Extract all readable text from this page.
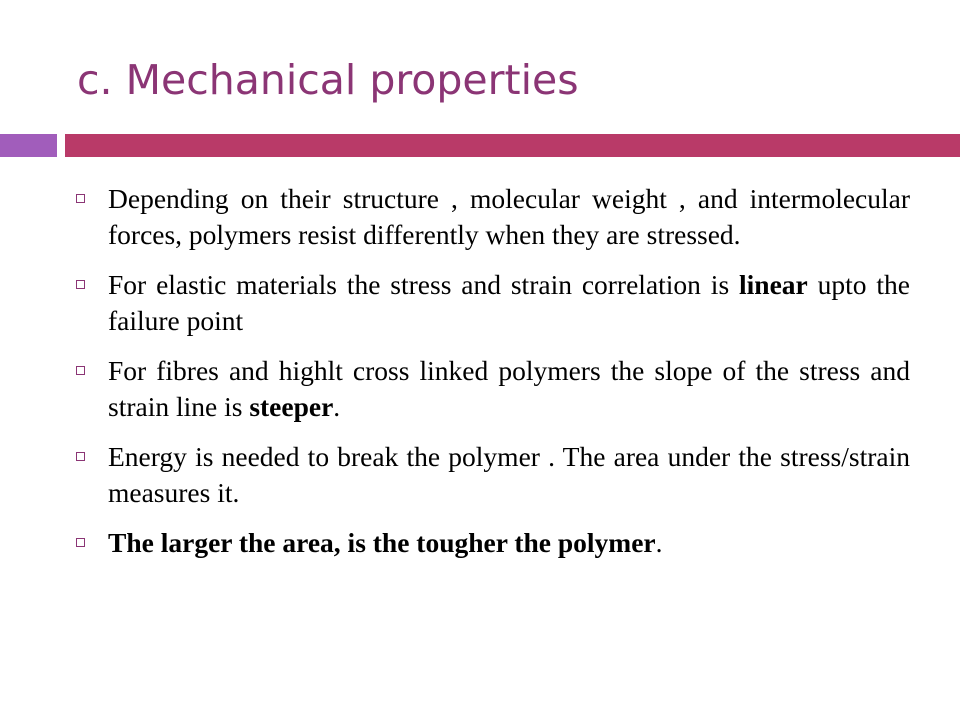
c. Mechanical properties
Depending on their structure , molecular weight , and intermolecular forces, polymers resist differently when they are stressed.
For elastic materials the stress and strain correlation is linear upto the failure point
For fibres and highlt cross linked polymers the slope of the stress and strain line is steeper.
Energy is needed to break the polymer . The area under the stress/strain measures it.
The larger the area, is the tougher the polymer.
